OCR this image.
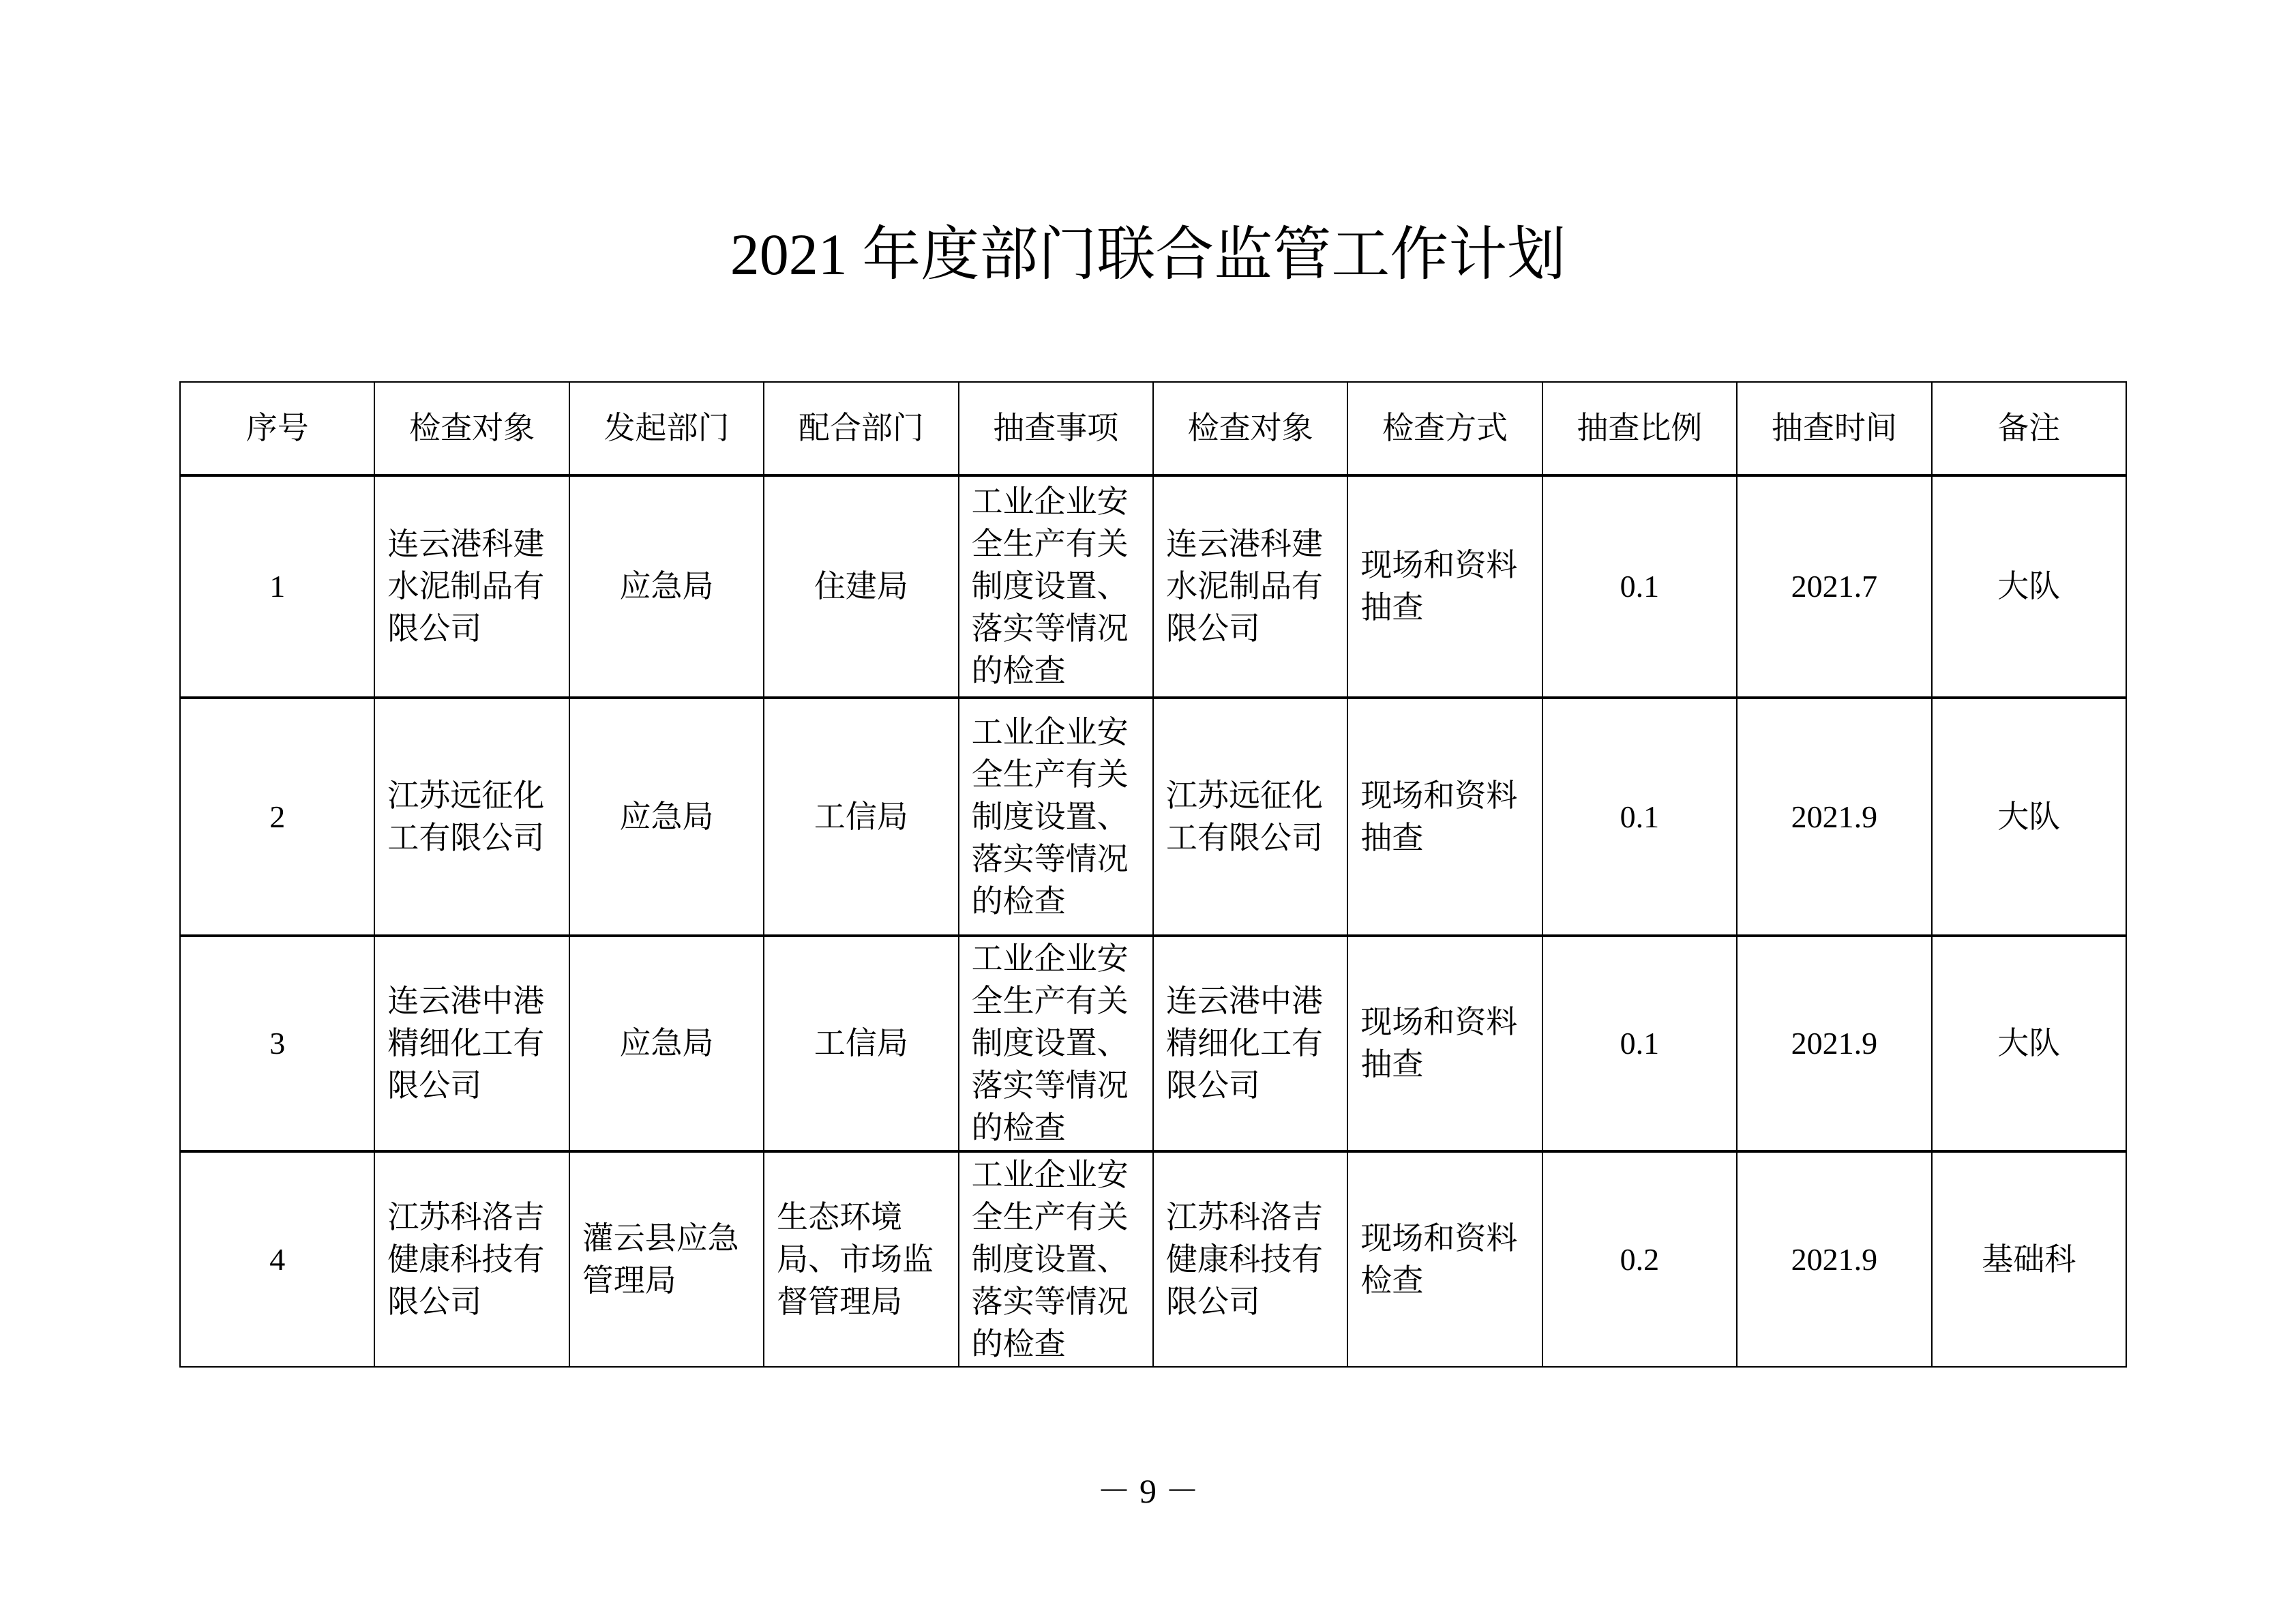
2021 年度部门联合监管工作计划
序号	检查对象	发起部门	配合部门	抽查事项	检查对象	检查方式	抽查比例	抽查时间	备注
1	连云港科建水泥制品有限公司	应急局	住建局	工业企业安全生产有关制度设置、落实等情况的检查	连云港科建水泥制品有限公司	现场和资料抽查	0.1	2021.7	大队
2	江苏远征化工有限公司	应急局	工信局	工业企业安全生产有关制度设置、落实等情况的检查	江苏远征化工有限公司	现场和资料抽查	0.1	2021.9	大队
3	连云港中港精细化工有限公司	应急局	工信局	工业企业安全生产有关制度设置、落实等情况的检查	连云港中港精细化工有限公司	现场和资料抽查	0.1	2021.9	大队
4	江苏科洛吉健康科技有限公司	灌云县应急管理局	生态环境局、市场监督管理局	工业企业安全生产有关制度设置、落实等情况的检查	江苏科洛吉健康科技有限公司	现场和资料检查	0.2	2021.9	基础科
－ 9 －
